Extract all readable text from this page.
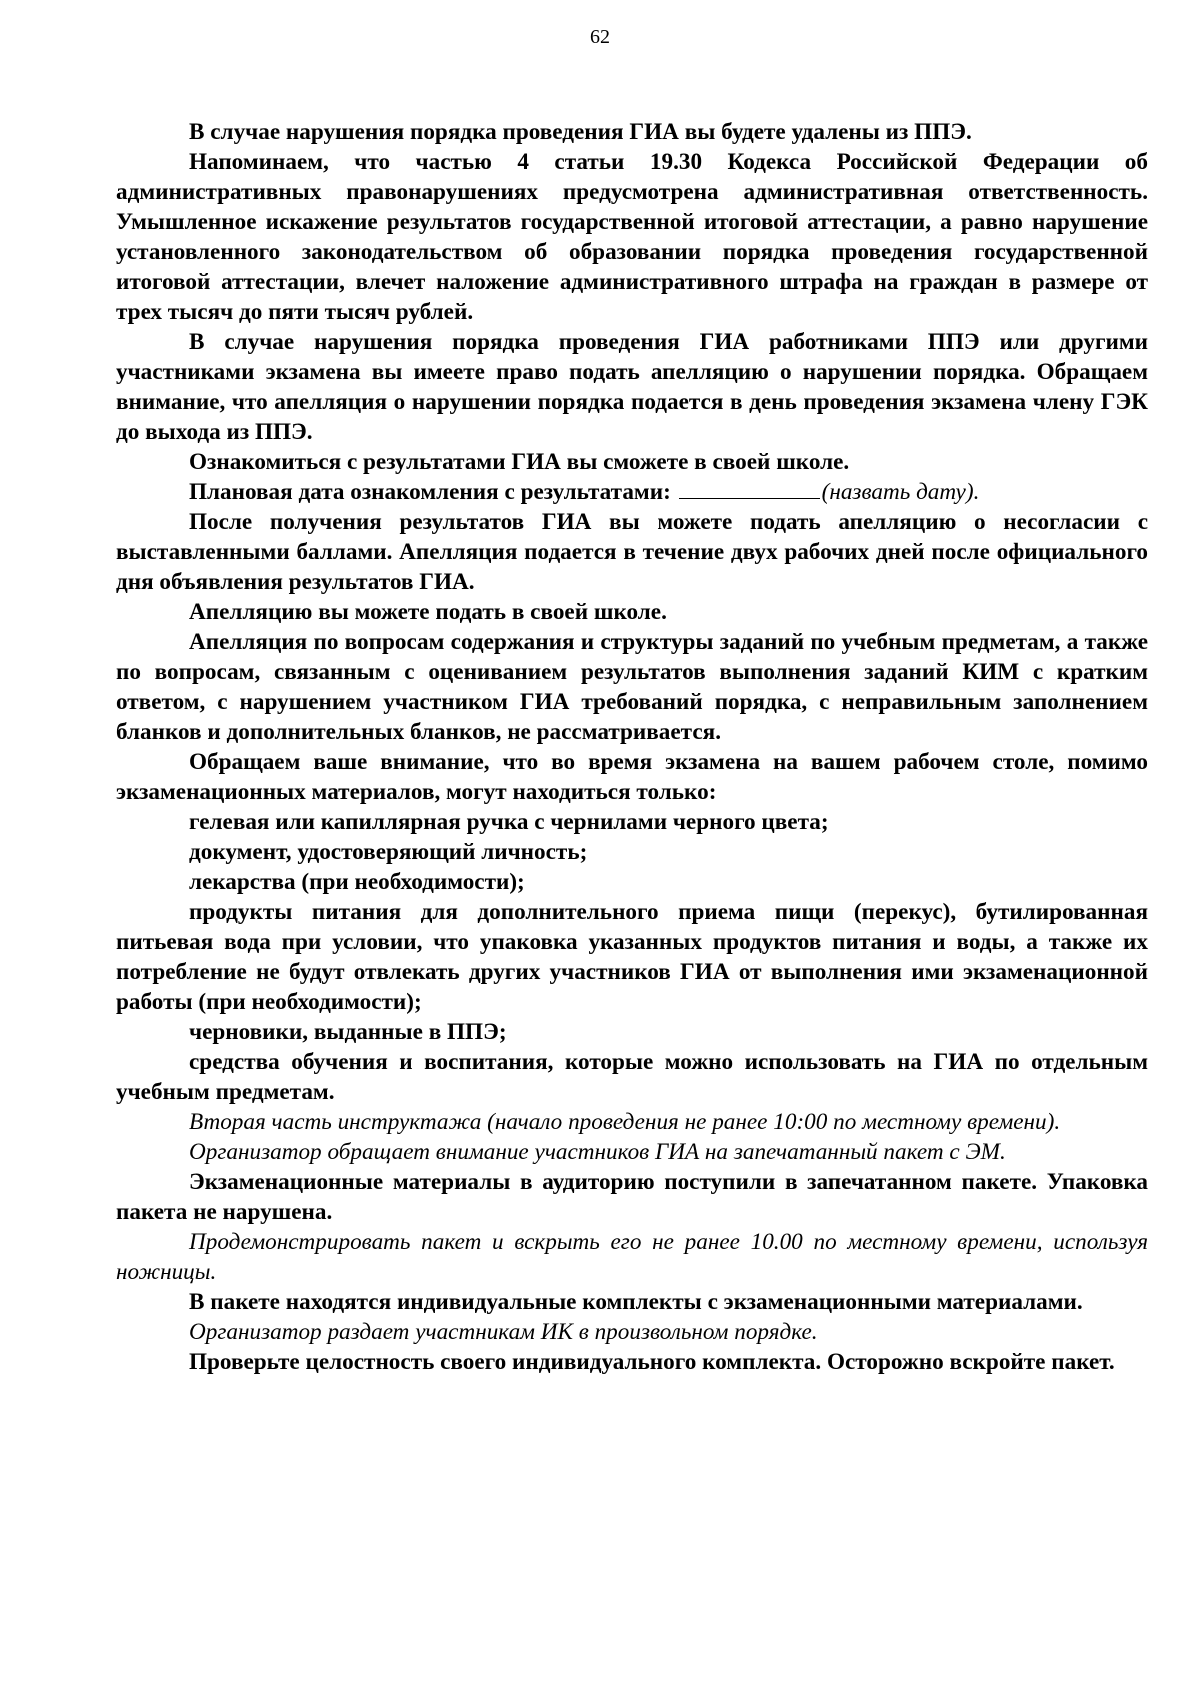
62

В случае нарушения порядка проведения ГИА вы будете удалены из ППЭ.

Напоминаем, что частью 4 статьи 19.30 Кодекса Российской Федерации об административных правонарушениях предусмотрена административная ответственность. Умышленное искажение результатов государственной итоговой аттестации, а равно нарушение установленного законодательством об образовании порядка проведения государственной итоговой аттестации, влечет наложение административного штрафа на граждан в размере от трех тысяч до пяти тысяч рублей.

В случае нарушения порядка проведения ГИА работниками ППЭ или другими участниками экзамена вы имеете право подать апелляцию о нарушении порядка. Обращаем внимание, что апелляция о нарушении порядка подается в день проведения экзамена члену ГЭК до выхода из ППЭ.

Ознакомиться с результатами ГИА вы сможете в своей школе.

Плановая дата ознакомления с результатами:	(назвать дату).

После получения результатов ГИА вы можете подать апелляцию о несогласии с выставленными баллами. Апелляция подается в течение двух рабочих дней после официального дня объявления результатов ГИА.

Апелляцию вы можете подать в своей школе.

Апелляция по вопросам содержания и структуры заданий по учебным предметам, а также по вопросам, связанным с оцениванием результатов выполнения заданий КИМ с кратким ответом, с нарушением участником ГИА требований порядка, с неправильным заполнением бланков и дополнительных бланков, не рассматривается.

Обращаем ваше внимание, что во время экзамена на вашем рабочем столе, помимо экзаменационных материалов, могут находиться только:

гелевая или капиллярная ручка с чернилами черного цвета;

документ, удостоверяющий личность;

лекарства (при необходимости);

продукты питания для дополнительного приема пищи (перекус), бутилированная питьевая вода при условии, что упаковка указанных продуктов питания и воды, а также их потребление не будут отвлекать других участников ГИА от выполнения ими экзаменационной работы (при необходимости);

черновики, выданные в ППЭ;

средства обучения и воспитания, которые можно использовать на ГИА по отдельным учебным предметам.

Вторая часть инструктажа (начало проведения не ранее 10:00 по местному времени).

Организатор обращает внимание участников ГИА на запечатанный пакет с ЭМ.

Экзаменационные материалы в аудиторию поступили в запечатанном пакете. Упаковка пакета не нарушена.

Продемонстрировать пакет и вскрыть его не ранее 10.00 по местному времени, используя ножницы.

В пакете находятся индивидуальные комплекты с экзаменационными материалами.

Организатор раздает участникам ИК в произвольном порядке.

Проверьте целостность своего индивидуального комплекта. Осторожно вскройте пакет.
